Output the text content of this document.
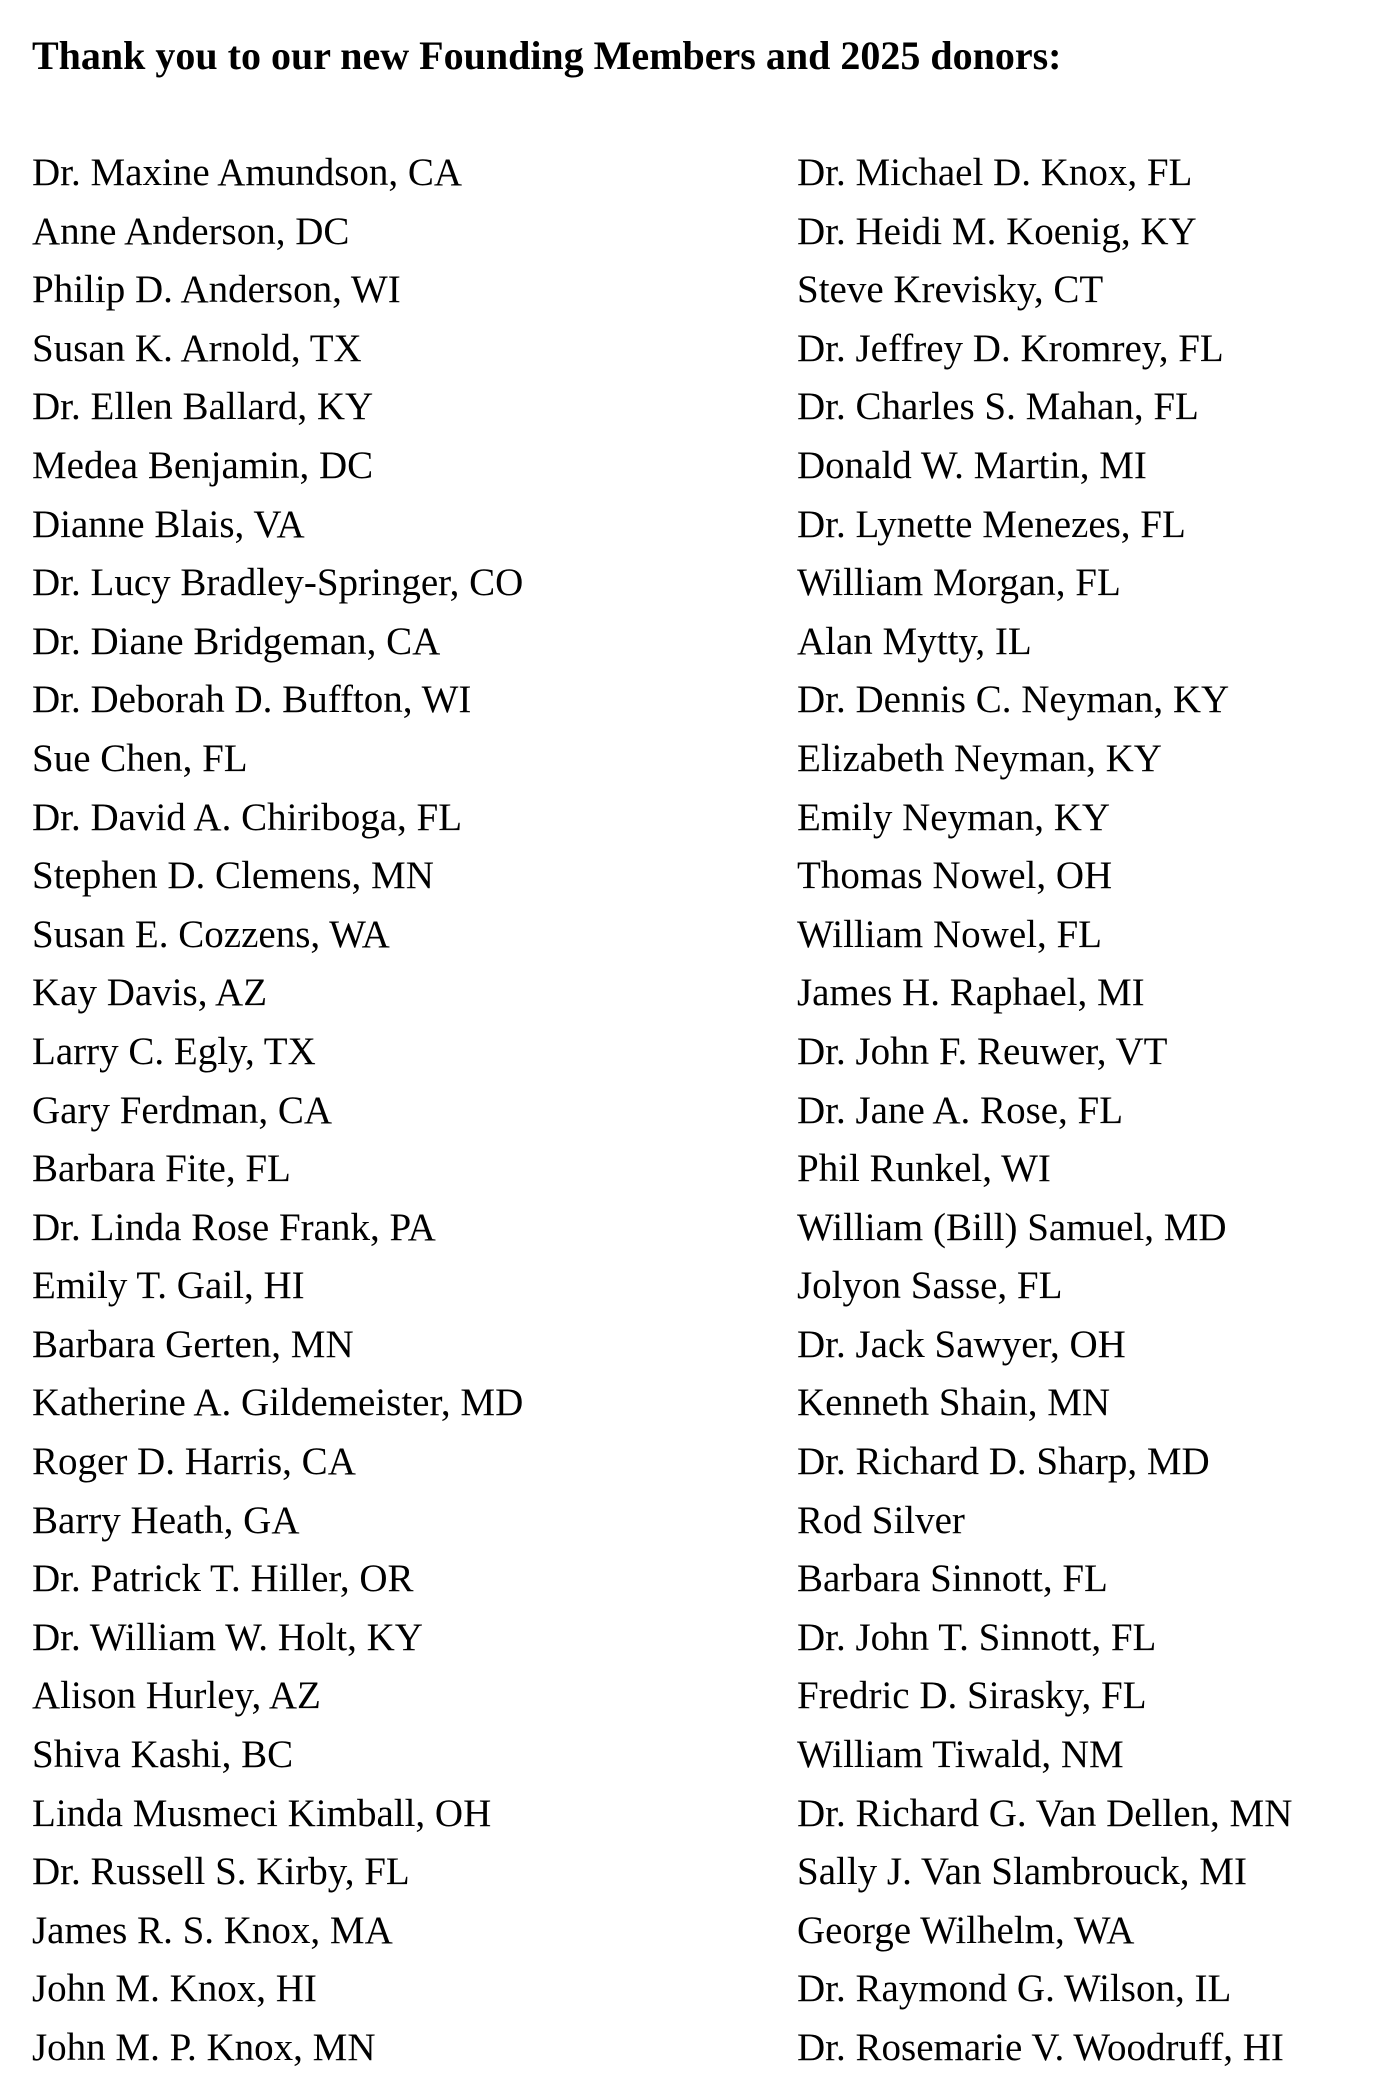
Thank you to our new Founding Members and 2025 donors:
Dr. Maxine Amundson, CA
Anne Anderson, DC
Philip D. Anderson, WI
Susan K. Arnold, TX
Dr. Ellen Ballard, KY
Medea Benjamin, DC
Dianne Blais, VA
Dr. Lucy Bradley-Springer, CO
Dr. Diane Bridgeman, CA
Dr. Deborah D. Buffton, WI
Sue Chen, FL
Dr. David A. Chiriboga, FL
Stephen D. Clemens, MN
Susan E. Cozzens, WA
Kay Davis, AZ
Larry C. Egly, TX
Gary Ferdman, CA
Barbara Fite, FL
Dr. Linda Rose Frank, PA
Emily T. Gail, HI
Barbara Gerten, MN
Katherine A. Gildemeister, MD
Roger D. Harris, CA
Barry Heath, GA
Dr. Patrick T. Hiller, OR
Dr. William W. Holt, KY
Alison Hurley, AZ
Shiva Kashi, BC
Linda Musmeci Kimball, OH
Dr. Russell S. Kirby, FL
James R. S. Knox, MA
John M. Knox, HI
John M. P. Knox, MN
Dr. Michael D. Knox, FL
Dr. Heidi M. Koenig, KY
Steve Krevisky, CT
Dr. Jeffrey D. Kromrey, FL
Dr. Charles S. Mahan, FL
Donald W. Martin, MI
Dr. Lynette Menezes, FL
William Morgan, FL
Alan Mytty, IL
Dr. Dennis C. Neyman, KY
Elizabeth Neyman, KY
Emily Neyman, KY
Thomas Nowel, OH
William Nowel, FL
James H. Raphael, MI
Dr. John F. Reuwer, VT
Dr. Jane A. Rose, FL
Phil Runkel, WI
William (Bill) Samuel, MD
Jolyon Sasse, FL
Dr. Jack Sawyer, OH
Kenneth Shain, MN
Dr. Richard D. Sharp, MD
Rod Silver
Barbara Sinnott, FL
Dr. John T. Sinnott, FL
Fredric D. Sirasky, FL
William Tiwald, NM
Dr. Richard G. Van Dellen, MN
Sally J. Van Slambrouck, MI
George Wilhelm, WA
Dr. Raymond G. Wilson, IL
Dr. Rosemarie V. Woodruff, HI
